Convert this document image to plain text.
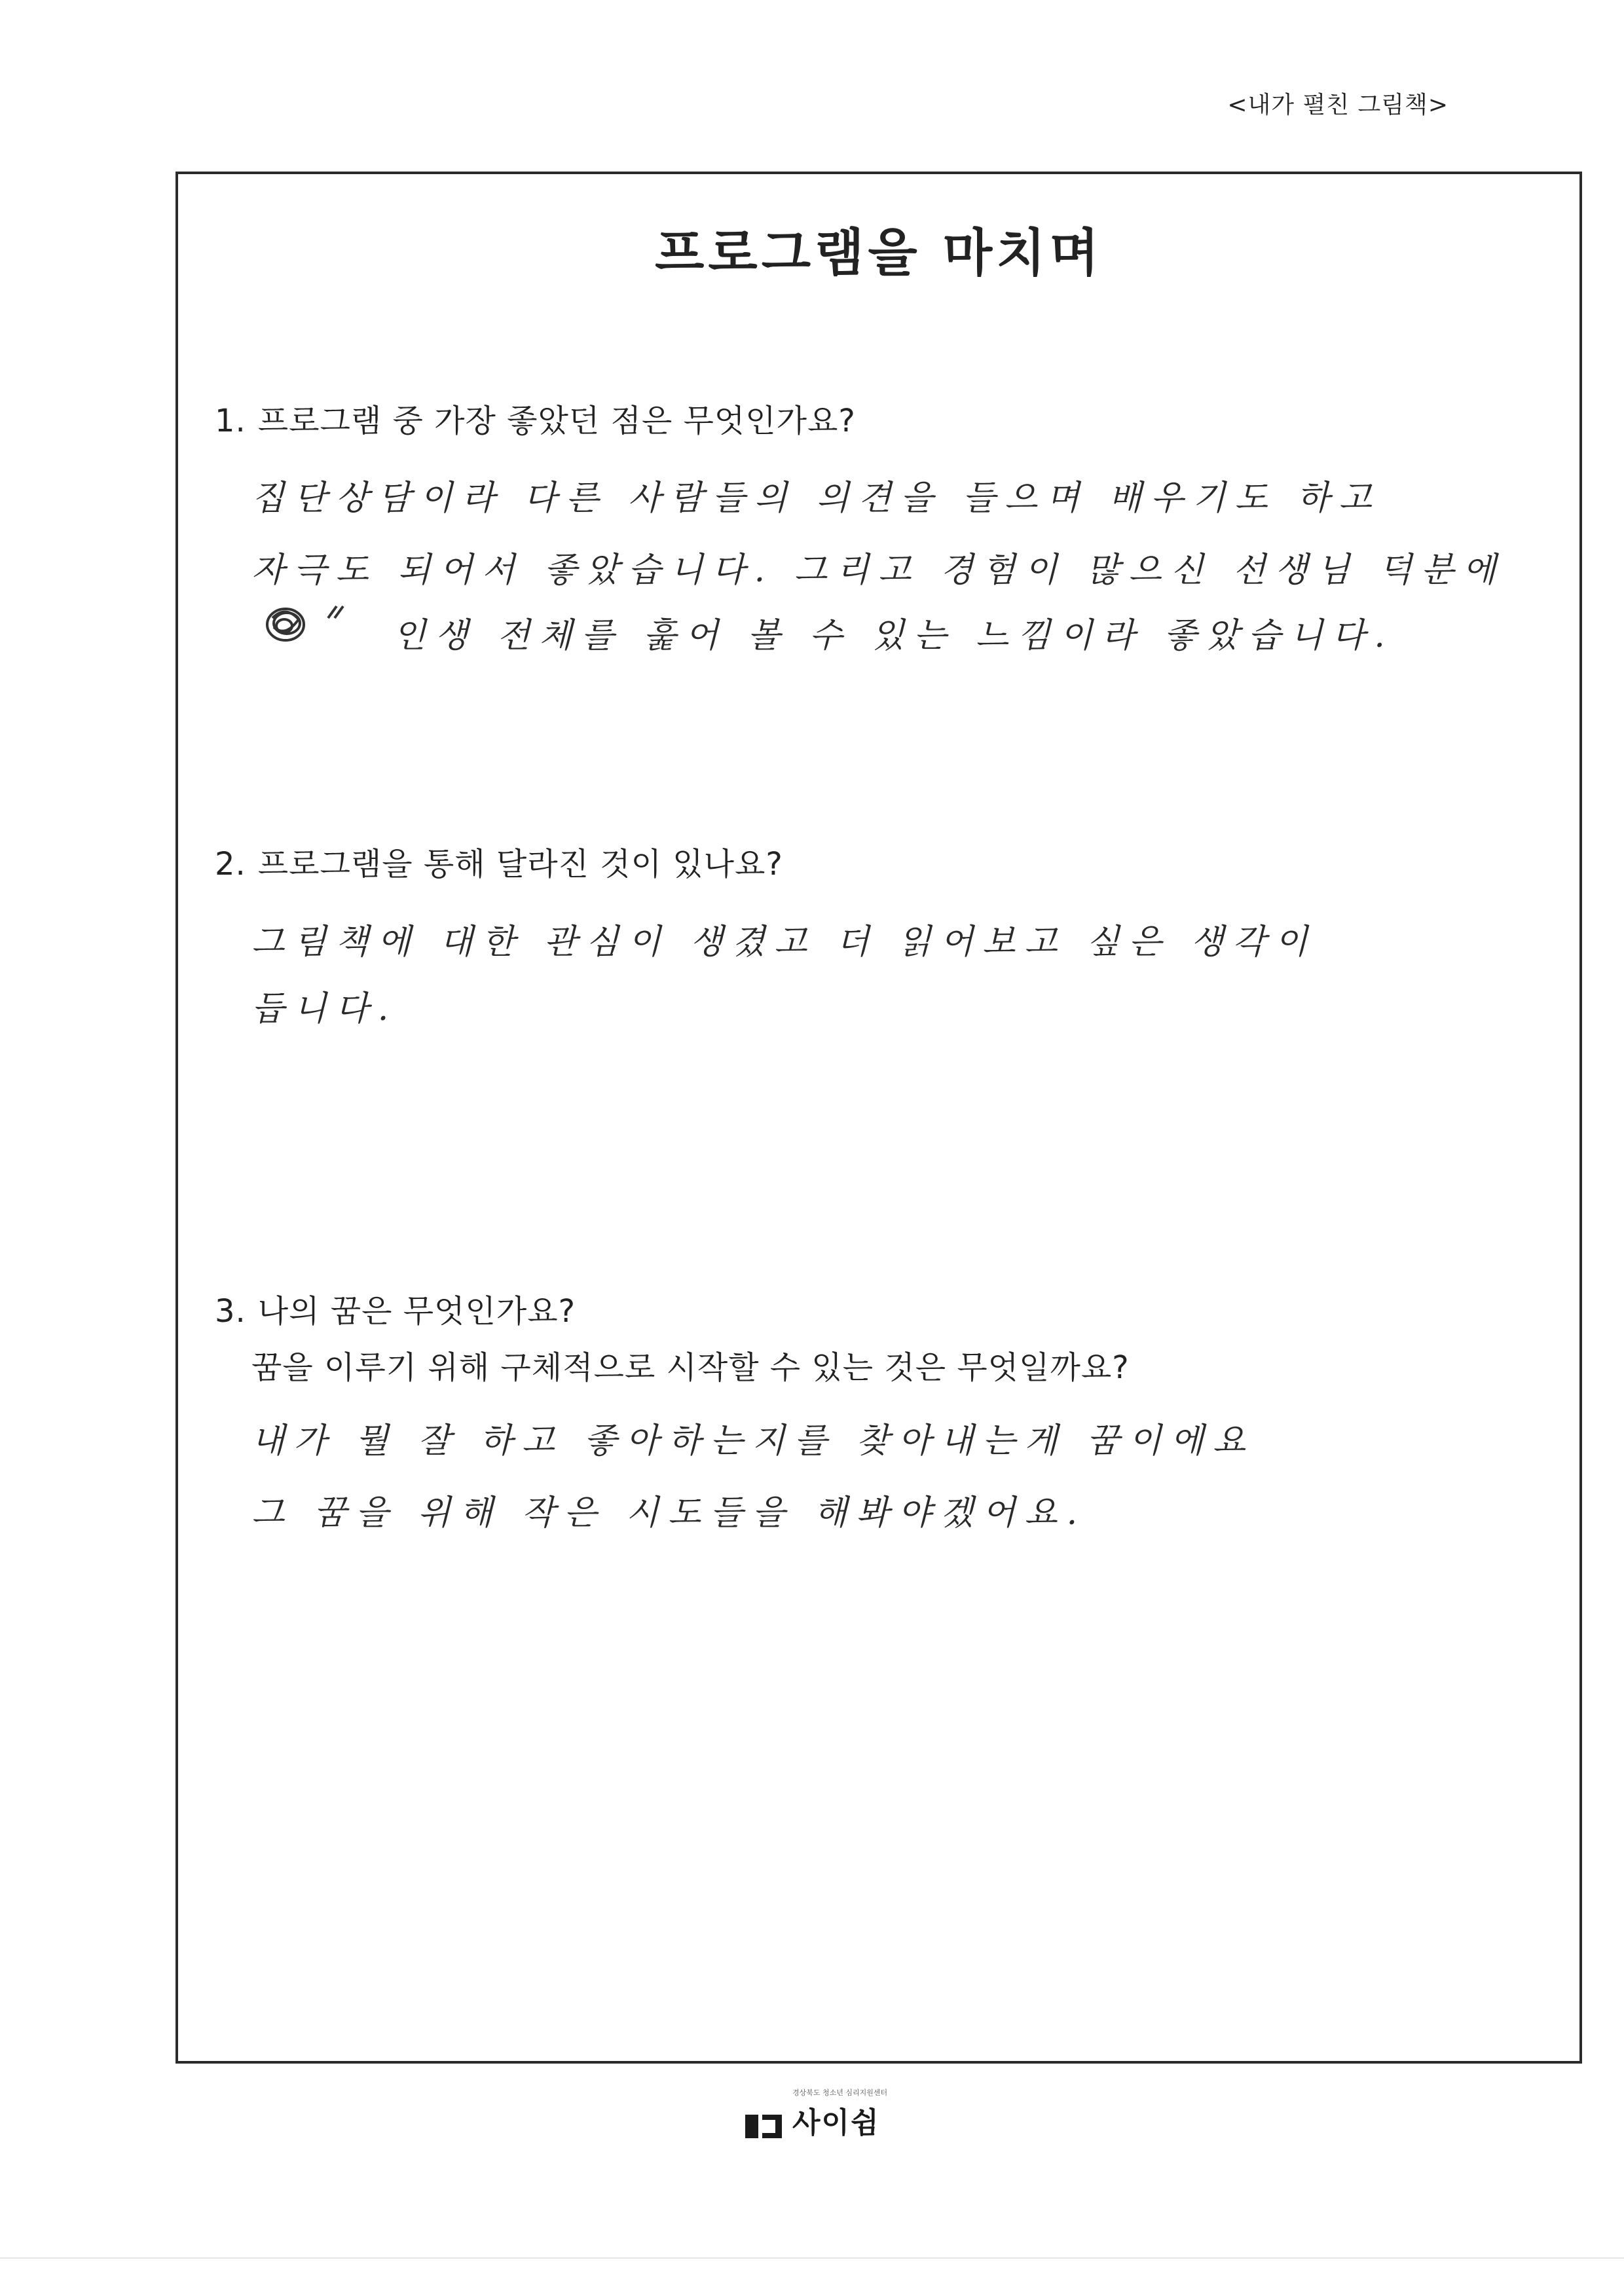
<내가 펼친 그림책>
프로그램을 마치며
1. 프로그램 중 가장 좋았던 점은 무엇인가요?
집단상담이라 다른 사람들의 의견을 들으며 배우기도 하고
자극도 되어서 좋았습니다. 그리고 경험이 많으신 선생님 덕분에
인생 전체를 훑어 볼 수 있는 느낌이라 좋았습니다.
2. 프로그램을 통해 달라진 것이 있나요?
그림책에 대한 관심이 생겼고 더 읽어보고 싶은 생각이
듭니다.
3. 나의 꿈은 무엇인가요?
꿈을 이루기 위해 구체적으로 시작할 수 있는 것은 무엇일까요?
내가 뭘 잘 하고 좋아하는지를 찾아내는게 꿈이에요
그 꿈을 위해 작은 시도들을 해봐야겠어요.
경상북도 청소년 심리지원센터
사이쉼
